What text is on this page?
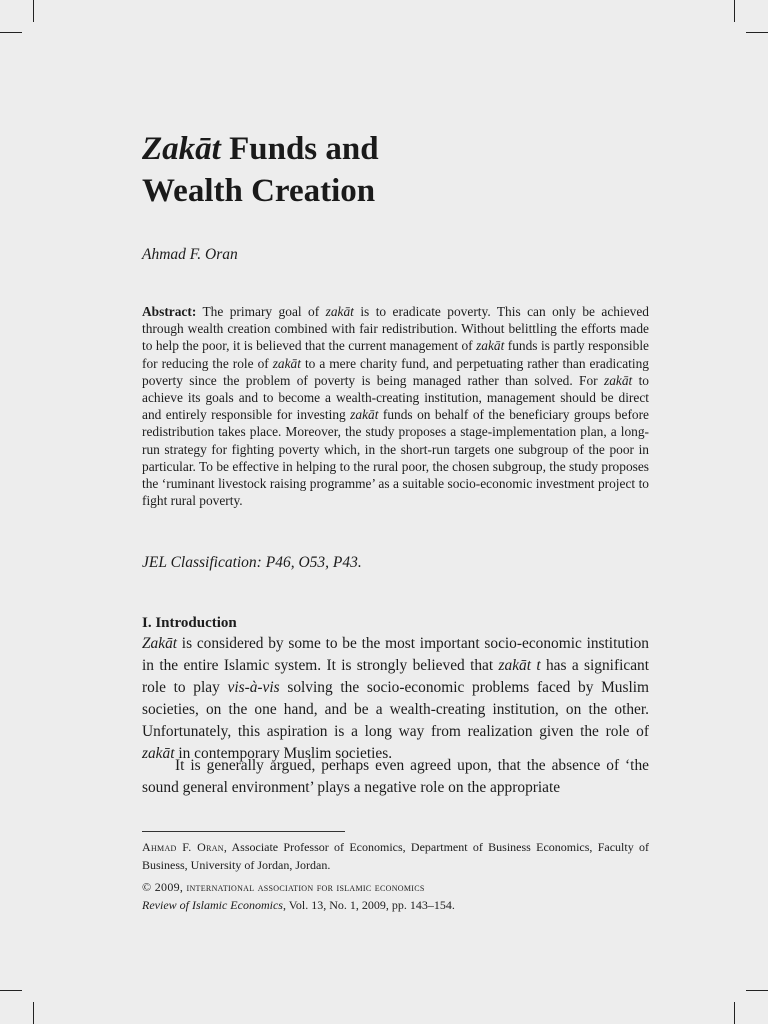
Zakāt Funds and
Wealth Creation

Ahmad F. Oran

Abstract: The primary goal of zakāt is to eradicate poverty. This can only be achieved through wealth creation combined with fair redistribution. Without belittling the efforts made to help the poor, it is believed that the current management of zakāt funds is partly responsible for reducing the role of zakāt to a mere charity fund, and perpetuating rather than eradicating poverty since the problem of poverty is being managed rather than solved. For zakāt to achieve its goals and to become a wealth-creating institution, management should be direct and entirely responsible for investing zakāt funds on behalf of the beneficiary groups before redistribution takes place. Moreover, the study proposes a stage-implementation plan, a long-run strategy for fighting poverty which, in the short-run targets one subgroup of the poor in particular. To be effective in helping to the rural poor, the chosen subgroup, the study proposes the ‘ruminant livestock raising programme’ as a suitable socio-economic investment project to fight rural poverty.

JEL Classification: P46, O53, P43.

I. Introduction

Zakāt is considered by some to be the most important socio-economic institution in the entire Islamic system. It is strongly believed that zakāt t has a significant role to play vis-à-vis solving the socio-economic problems faced by Muslim societies, on the one hand, and be a wealth-creating institution, on the other. Unfortunately, this aspiration is a long way from realization given the role of zakāt in contemporary Muslim societies.

It is generally argued, perhaps even agreed upon, that the absence of ‘the sound general environment’ plays a negative role on the appropriate

Ahmad F. Oran, Associate Professor of Economics, Department of Business Economics, Faculty of Business, University of Jordan, Jordan.

© 2009, international association for islamic economics
Review of Islamic Economics, Vol. 13, No. 1, 2009, pp. 143–154.
